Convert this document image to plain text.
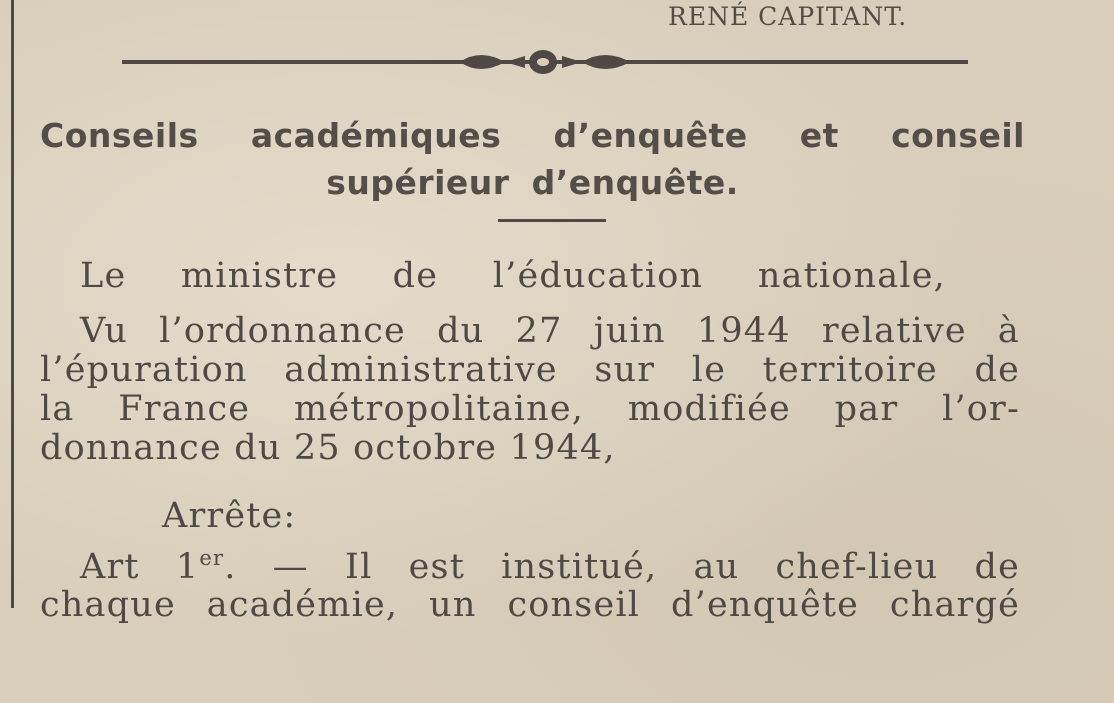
RENÉ CAPITANT.
Conseils académiques d’enquête et conseil
supérieur d’enquête.
Le ministre de l’éducation nationale,
Vu l’ordonnance du 27 juin 1944 relative à
l’épuration administrative sur le territoire de
la France métropolitaine, modifiée par l’or-
donnance du 25 octobre 1944,
Arrête:
Art 1er. — Il est institué, au chef-lieu de
chaque académie, un conseil d’enquête chargé
